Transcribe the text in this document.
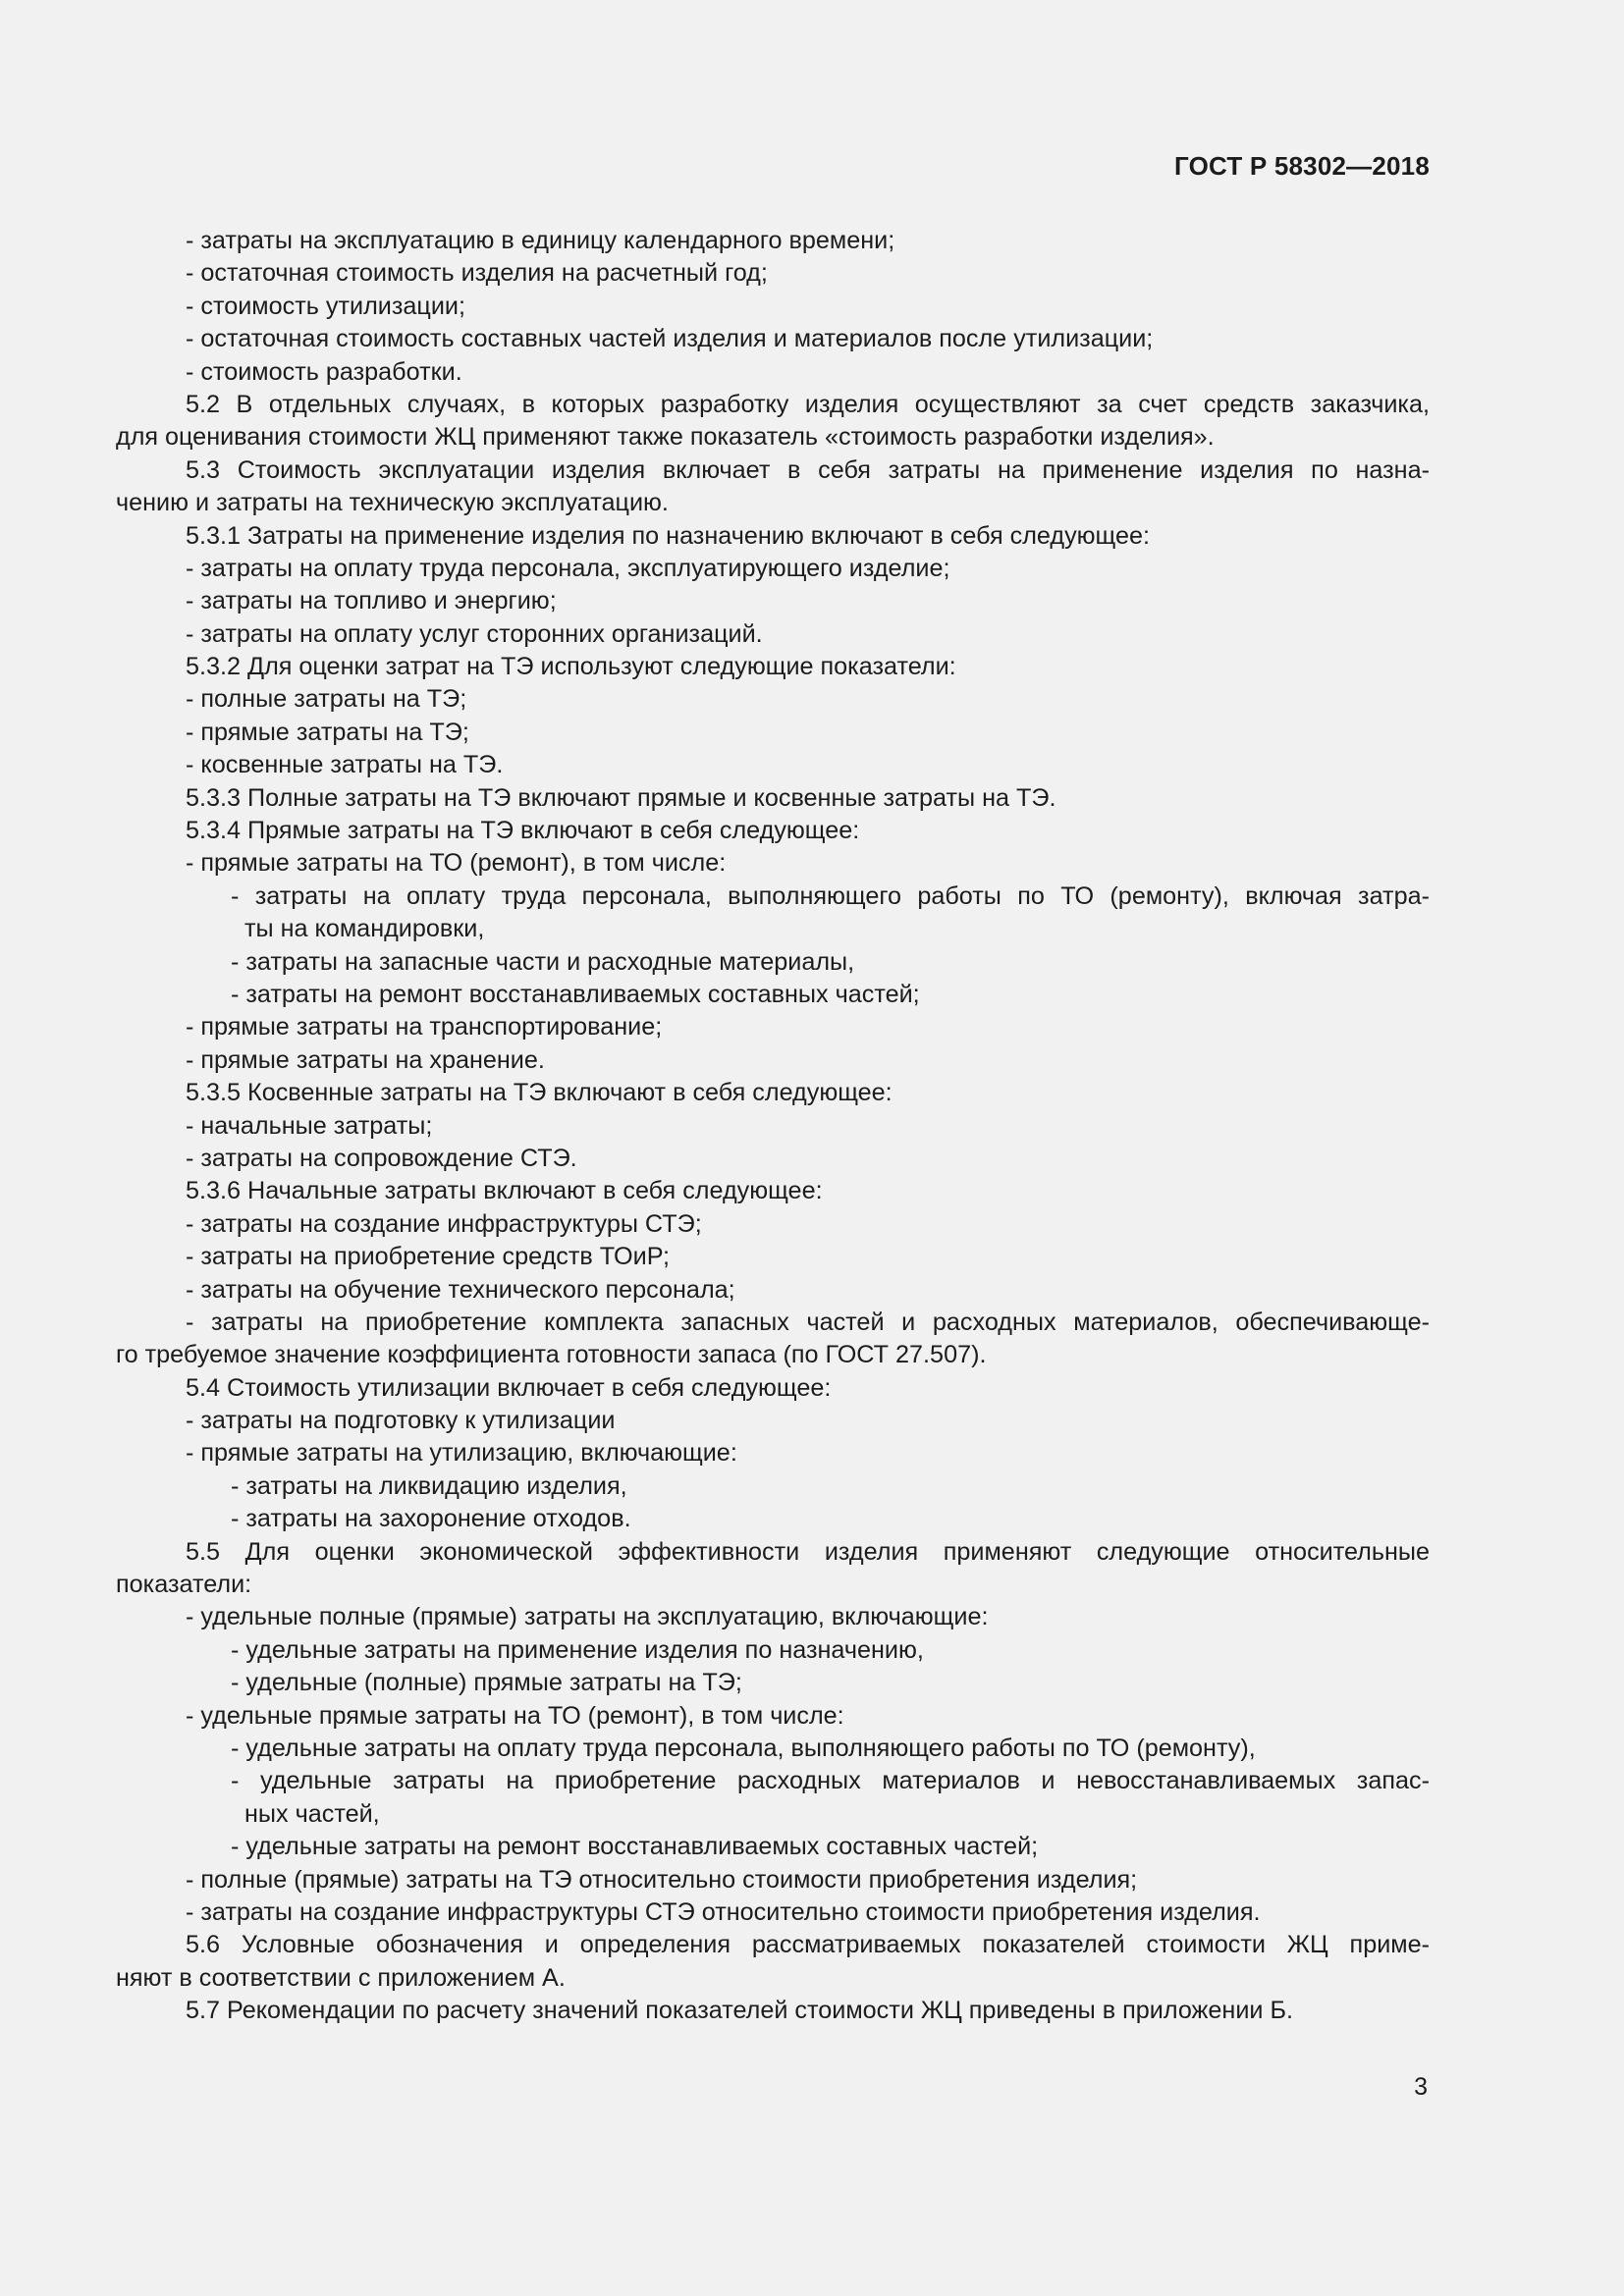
ГОСТ Р 58302—2018
- затраты на эксплуатацию в единицу календарного времени;
- остаточная стоимость изделия на расчетный год;
- стоимость утилизации;
- остаточная стоимость составных частей изделия и материалов после утилизации;
- стоимость разработки.
5.2 В отдельных случаях, в которых разработку изделия осуществляют за счет средств заказчика,
для оценивания стоимости ЖЦ применяют также показатель «стоимость разработки изделия».
5.3 Стоимость эксплуатации изделия включает в себя затраты на применение изделия по назна-
чению и затраты на техническую эксплуатацию.
5.3.1 Затраты на применение изделия по назначению включают в себя следующее:
- затраты на оплату труда персонала, эксплуатирующего изделие;
- затраты на топливо и энергию;
- затраты на оплату услуг сторонних организаций.
5.3.2 Для оценки затрат на ТЭ используют следующие показатели:
- полные затраты на ТЭ;
- прямые затраты на ТЭ;
- косвенные затраты на ТЭ.
5.3.3 Полные затраты на ТЭ включают прямые и косвенные затраты на ТЭ.
5.3.4 Прямые затраты на ТЭ включают в себя следующее:
- прямые затраты на ТО (ремонт), в том числе:
- затраты на оплату труда персонала, выполняющего работы по ТО (ремонту), включая затра-
ты на командировки,
- затраты на запасные части и расходные материалы,
- затраты на ремонт восстанавливаемых составных частей;
- прямые затраты на транспортирование;
- прямые затраты на хранение.
5.3.5 Косвенные затраты на ТЭ включают в себя следующее:
- начальные затраты;
- затраты на сопровождение СТЭ.
5.3.6 Начальные затраты включают в себя следующее:
- затраты на создание инфраструктуры СТЭ;
- затраты на приобретение средств ТОиР;
- затраты на обучение технического персонала;
- затраты на приобретение комплекта запасных частей и расходных материалов, обеспечивающе-
го требуемое значение коэффициента готовности запаса (по ГОСТ 27.507).
5.4 Стоимость утилизации включает в себя следующее:
- затраты на подготовку к утилизации
- прямые затраты на утилизацию, включающие:
- затраты на ликвидацию изделия,
- затраты на захоронение отходов.
5.5 Для оценки экономической эффективности изделия применяют следующие относительные
показатели:
- удельные полные (прямые) затраты на эксплуатацию, включающие:
- удельные затраты на применение изделия по назначению,
- удельные (полные) прямые затраты на ТЭ;
- удельные прямые затраты на ТО (ремонт), в том числе:
- удельные затраты на оплату труда персонала, выполняющего работы по ТО (ремонту),
- удельные затраты на приобретение расходных материалов и невосстанавливаемых запас-
ных частей,
- удельные затраты на ремонт восстанавливаемых составных частей;
- полные (прямые) затраты на ТЭ относительно стоимости приобретения изделия;
- затраты на создание инфраструктуры СТЭ относительно стоимости приобретения изделия.
5.6 Условные обозначения и определения рассматриваемых показателей стоимости ЖЦ приме-
няют в соответствии с приложением А.
5.7 Рекомендации по расчету значений показателей стоимости ЖЦ приведены в приложении Б.
3
